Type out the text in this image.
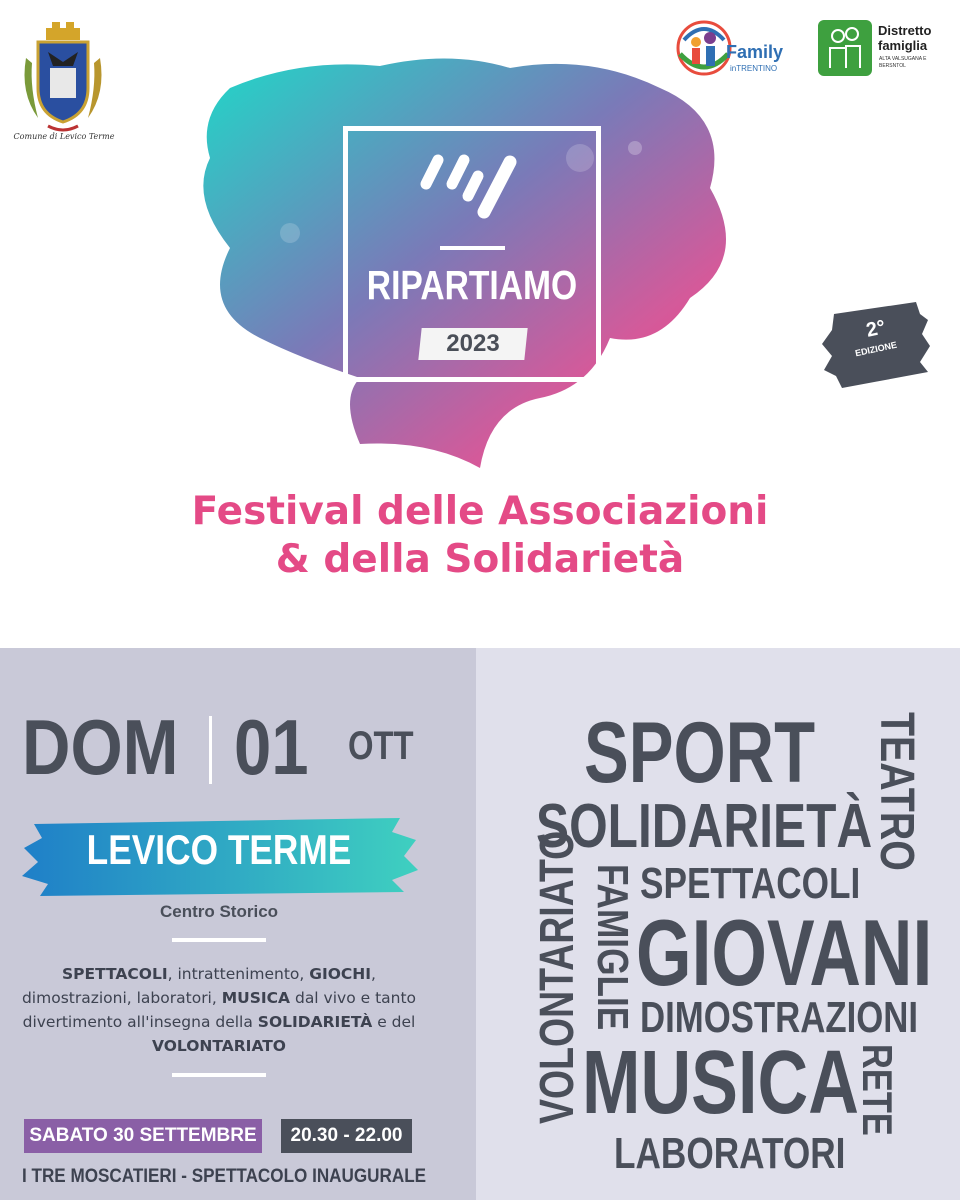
Comune di Levico Terme
Family
inTRENTINO
Distretto
famiglia
ALTA VALSUGANA E BERSNTOL
RIPARTIAMO
2023
2°
EDIZIONE
Festival delle Associazioni
& della Solidarietà
DOM 01 OTT
LEVICO TERME
Centro Storico
SPETTACOLI, intrattenimento, GIOCHI, dimostrazioni, laboratori, MUSICA dal vivo e tanto divertimento all'insegna della SOLIDARIETÀ e del VOLONTARIATO
SABATO 30 SETTEMBRE	20.30 - 22.00
I TRE MOSCATIERI - SPETTACOLO INAUGURALE
SPORT TEATRO
SOLIDARIETÀ
VOLONTARIATO FAMIGLIE SPETTACOLI
GIOVANI
DIMOSTRAZIONI
MUSICA
RETE
LABORATORI
